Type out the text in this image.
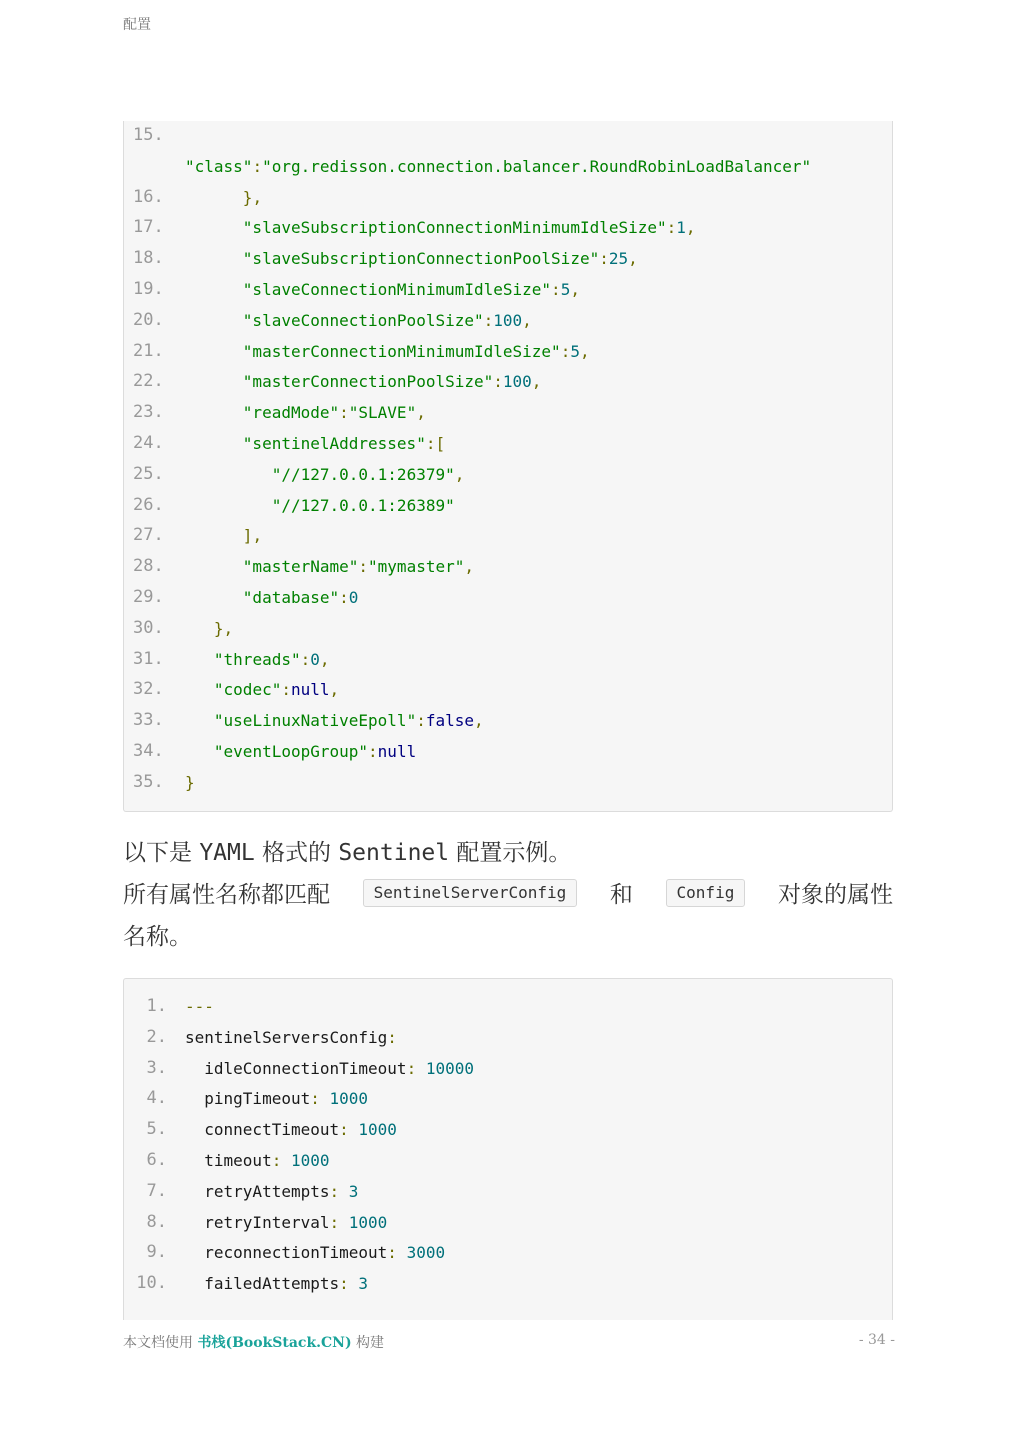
配置
15.
"class":"org.redisson.connection.balancer.RoundRobinLoadBalancer"
16.	},
17.	"slaveSubscriptionConnectionMinimumIdleSize":1,
18.	"slaveSubscriptionConnectionPoolSize":25,
19.	"slaveConnectionMinimumIdleSize":5,
20.	"slaveConnectionPoolSize":100,
21.	"masterConnectionMinimumIdleSize":5,
22.	"masterConnectionPoolSize":100,
23.	"readMode":"SLAVE",
24.	"sentinelAddresses":[
25.	"//127.0.0.1:26379",
26.	"//127.0.0.1:26389"
27.	],
28.	"masterName":"mymaster",
29.	"database":0
30.	},
31.	"threads":0,
32.	"codec":null,
33.	"useLinuxNativeEpoll":false,
34.	"eventLoopGroup":null
35.	}
以下是 YAML 格式的 Sentinel 配置示例。
所有属性名称都匹配	SentinelServerConfig	和	Config	对象的属性
名称。
1. ---
2. sentinelServersConfig:
3.	idleConnectionTimeout: 10000
4.	pingTimeout: 1000
5.	connectTimeout: 1000
6.	timeout: 1000
7.	retryAttempts: 3
8.	retryInterval: 1000
9.	reconnectionTimeout: 3000
10.	failedAttempts: 3
本文档使用 书栈(BookStack.CN) 构建	- 34 -
